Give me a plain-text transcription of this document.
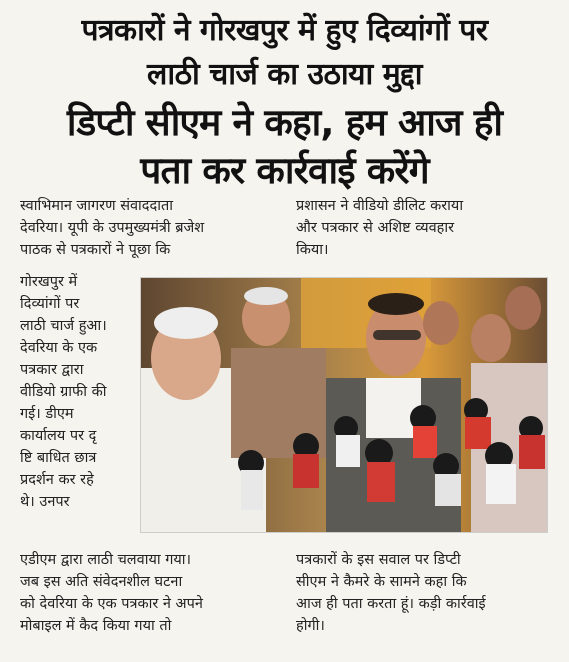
पत्रकारों ने गोरखपुर में हुए दिव्यांगों पर
लाठी चार्ज का उठाया मुद्दा
डिप्टी सीएम ने कहा, हम आज ही
पता कर कार्रवाई करेंगे

स्वाभिमान जागरण संवाददाता

देवरिया। यूपी के उपमुख्यमंत्री ब्रजेश

पाठक से पत्रकारों ने पूछा कि

प्रशासन ने वीडियो डीलिट कराया

और पत्रकार से अशिष्ट व्यवहार

किया।

गोरखपुर में

दिव्यांगों पर

लाठी चार्ज हुआ।

देवरिया के एक

पत्रकार द्वारा

वीडियो ग्राफी की

गई। डीएम

कार्यालय पर दृ

ष्टि बाधित छात्र

प्रदर्शन कर रहे

थे। उनपर

एडीएम द्वारा लाठी चलवाया गया।

जब इस अति संवेदनशील घटना

को देवरिया के एक पत्रकार ने अपने

मोबाइल में कैद किया गया तो

पत्रकारों के इस सवाल पर डिप्टी

सीएम ने कैमरे के सामने कहा कि

आज ही पता करता हूं। कड़ी कार्रवाई

होगी।
